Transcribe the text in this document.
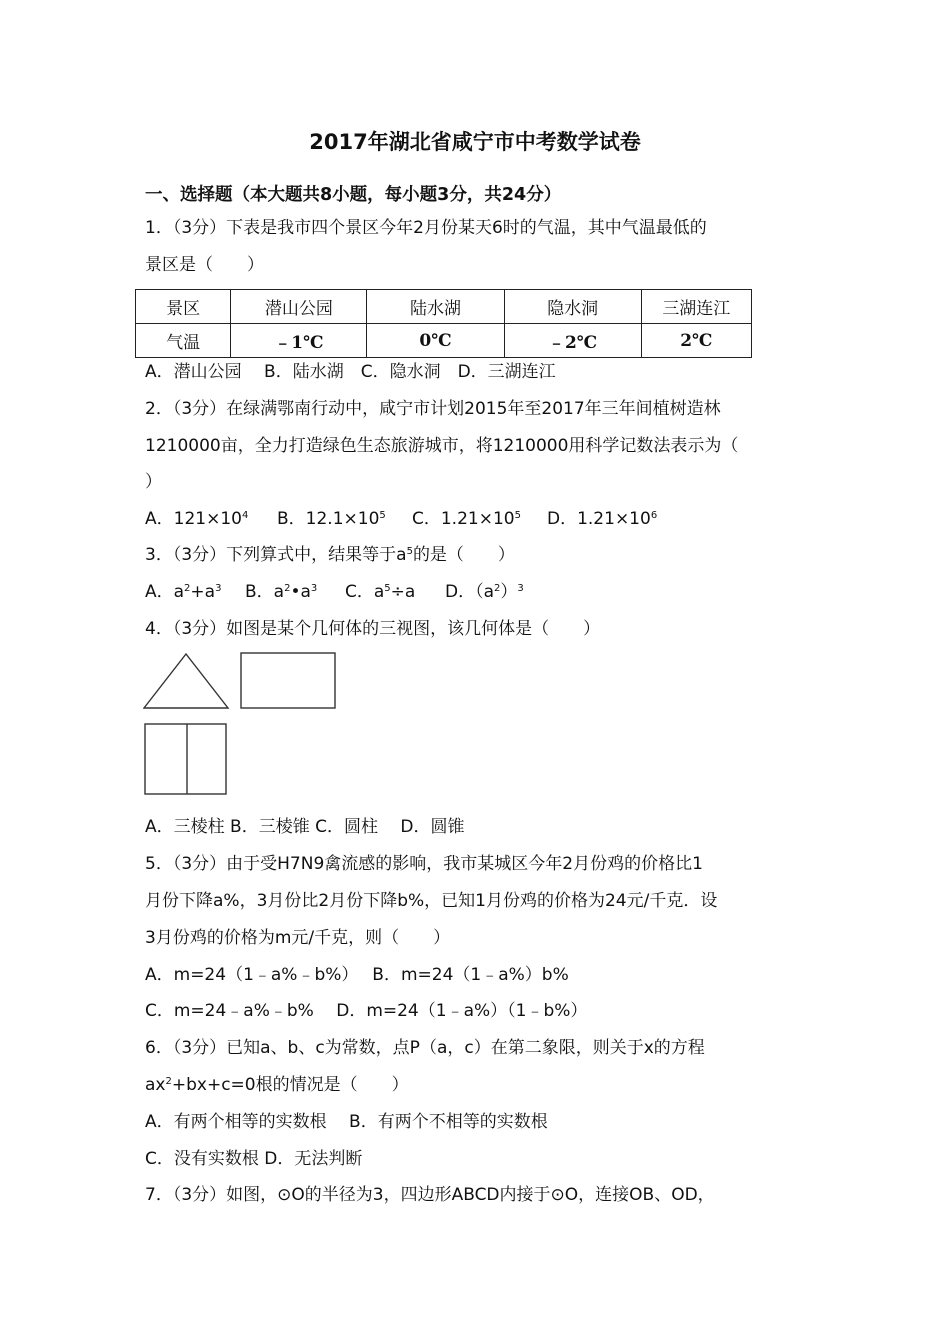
2017年湖北省咸宁市中考数学试卷
一、选择题（本大题共8小题，每小题3分，共24分）
1．（3分）下表是我市四个景区今年2月份某天6时的气温，其中气温最低的
景区是（　　）
景区	潜山公园	陆水湖	隐水洞	三湖连江
气温	﹣1℃	0℃	﹣2℃	2℃
A．潜山公园　 B．陆水湖　C．隐水洞　D．三湖连江
2．（3分）在绿满鄂南行动中，咸宁市计划2015年至2017年三年间植树造林
1210000亩，全力打造绿色生态旅游城市，将1210000用科学记数法表示为（
）
A．$121\times 10^4$ B．$12.1\times 10^5$ C．$1.21\times 10^5$ D．$1.21\times 10^6$
3．（3分）下列算式中，结果等于$a^5$的是（　　）
A．$a^2+a^3$ B．$a^2•a^3$ C．$a^5\div a$ D．$(a^2)^3$
4．（3分）如图是某个几何体的三视图，该几何体是（　　）
A．三棱柱 B．三棱锥 C．圆柱　 D．圆锥
5．（3分）由于受H7N9禽流感的影响，我市某城区今年2月份鸡的价格比1
月份下降a%，3月份比2月份下降b%，已知1月份鸡的价格为24元/千克．设
3月份鸡的价格为m元/千克，则（　　）
A．m=24（1﹣a%﹣b%）　 B．m=24（1﹣a%）b%
C．m=24﹣a%﹣b%　 D．m=24（1﹣a%）（1﹣b%）
6．（3分）已知a、b、c为常数，点P（a，c）在第二象限，则关于x的方程
$ax^2+bx+c=0$根的情况是（　　）
A．有两个相等的实数根　 B．有两个不相等的实数根
C．没有实数根 D．无法判断
7．（3分）如图，⊙O的半径为3，四边形ABCD内接于⊙O，连接OB、OD，
